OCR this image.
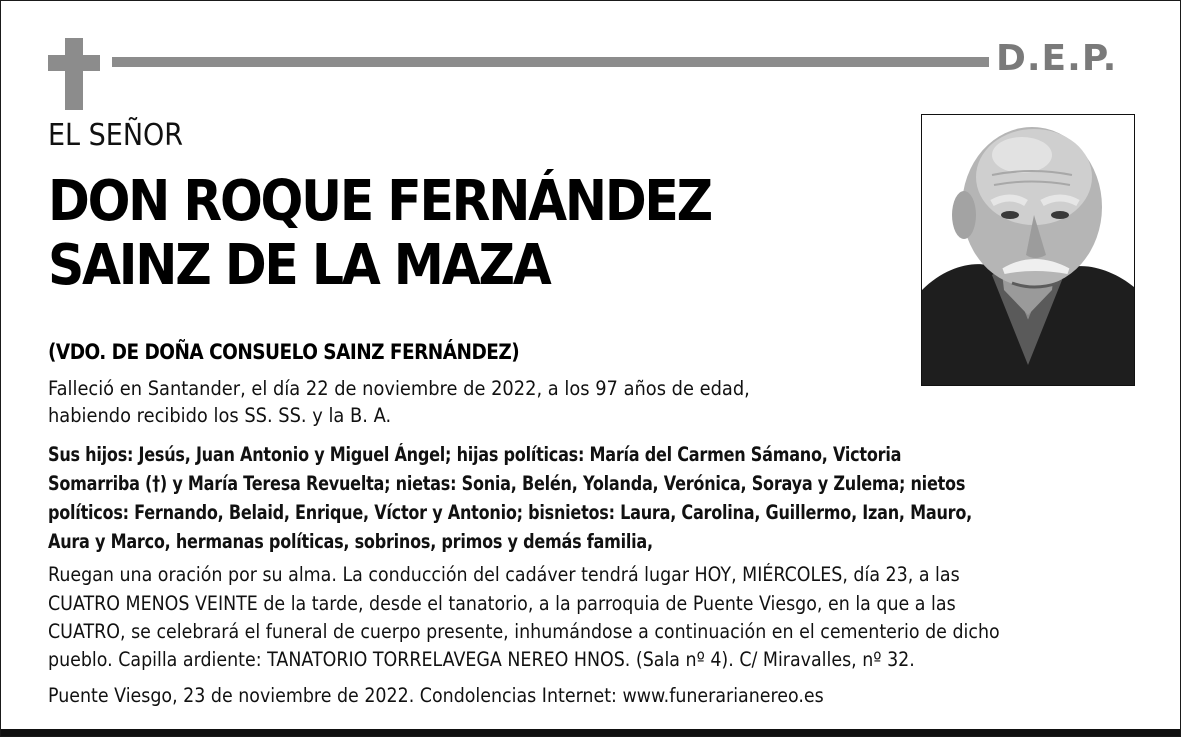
D.E.P.
EL SEÑOR
DON ROQUE FERNÁNDEZ
SAINZ DE LA MAZA
(VDO. DE DOÑA CONSUELO SAINZ FERNÁNDEZ)
Falleció en Santander, el día 22 de noviembre de 2022, a los 97 años de edad,
habiendo recibido los SS. SS. y la B. A.
Sus hijos: Jesús, Juan Antonio y Miguel Ángel; hijas políticas: María del Carmen Sámano, Victoria
Somarriba (†) y María Teresa Revuelta; nietas: Sonia, Belén, Yolanda, Verónica, Soraya y Zulema; nietos
políticos: Fernando, Belaid, Enrique, Víctor y Antonio; bisnietos: Laura, Carolina, Guillermo, Izan, Mauro,
Aura y Marco, hermanas políticas, sobrinos, primos y demás familia,
Ruegan una oración por su alma. La conducción del cadáver tendrá lugar HOY, MIÉRCOLES, día 23, a las
CUATRO MENOS VEINTE de la tarde, desde el tanatorio, a la parroquia de Puente Viesgo, en la que a las
CUATRO, se celebrará el funeral de cuerpo presente, inhumándose a continuación en el cementerio de dicho
pueblo. Capilla ardiente: TANATORIO TORRELAVEGA NEREO HNOS. (Sala nº 4). C/ Miravalles, nº 32.
Puente Viesgo, 23 de noviembre de 2022. Condolencias Internet: www.funerarianereo.es
